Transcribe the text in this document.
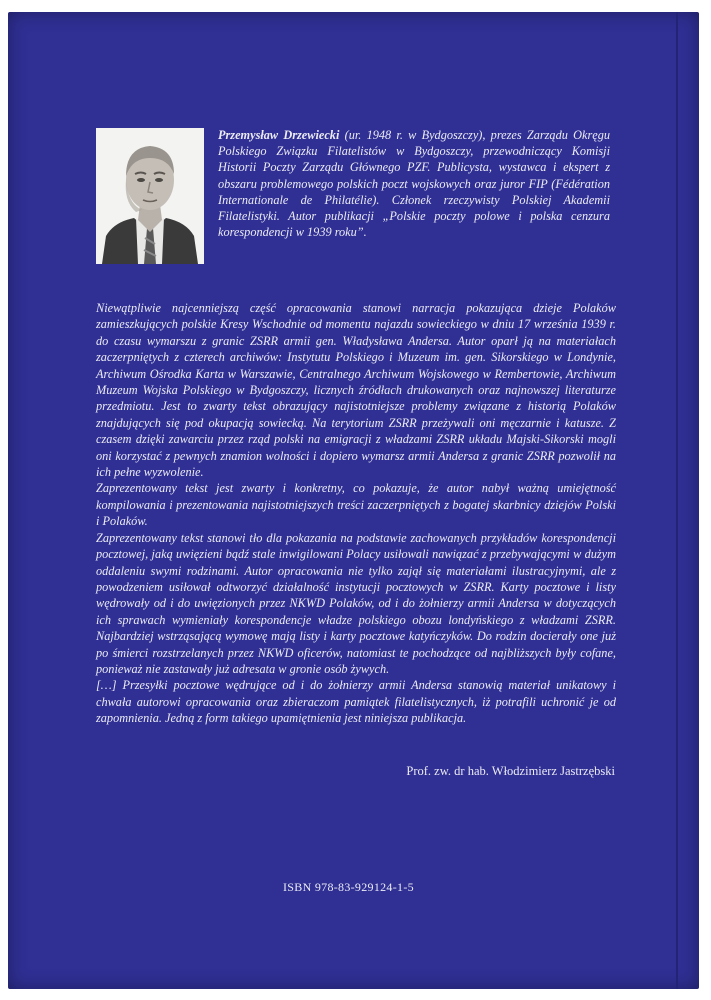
Przemysław Drzewiecki (ur. 1948 r. w Bydgoszczy), prezes Zarządu Okręgu Polskiego Związku Filatelistów w Bydgoszczy, przewodniczący Komisji Historii Poczty Zarządu Głównego PZF. Publicysta, wystawca i ekspert z obszaru problemowego polskich poczt wojskowych oraz juror FIP (Fédération Internationale de Philatélie). Członek rzeczywisty Polskiej Akademii Filatelistyki. Autor publikacji „Polskie poczty polowe i polska cenzura korespondencji w 1939 roku”.

Niewątpliwie najcenniejszą część opracowania stanowi narracja pokazująca dzieje Polaków zamieszkujących polskie Kresy Wschodnie od momentu najazdu sowieckiego w dniu 17 września 1939 r. do czasu wymarszu z granic ZSRR armii gen. Władysława Andersa. Autor oparł ją na materiałach zaczerpniętych z czterech archiwów: Instytutu Polskiego i Muzeum im. gen. Sikorskiego w Londynie, Archiwum Ośrodka Karta w Warszawie, Centralnego Archiwum Wojskowego w Rembertowie, Archiwum Muzeum Wojska Polskiego w Bydgoszczy, licznych źródłach drukowanych oraz najnowszej literaturze przedmiotu. Jest to zwarty tekst obrazujący najistotniejsze problemy związane z historią Polaków znajdujących się pod okupacją sowiecką. Na terytorium ZSRR przeżywali oni męczarnie i katusze. Z czasem dzięki zawarciu przez rząd polski na emigracji z władzami ZSRR układu Majski-Sikorski mogli oni korzystać z pewnych znamion wolności i dopiero wymarsz armii Andersa z granic ZSRR pozwolił na ich pełne wyzwolenie.

Zaprezentowany tekst jest zwarty i konkretny, co pokazuje, że autor nabył ważną umiejętność kompilowania i prezentowania najistotniejszych treści zaczerpniętych z bogatej skarbnicy dziejów Polski i Polaków.

Zaprezentowany tekst stanowi tło dla pokazania na podstawie zachowanych przykładów korespondencji pocztowej, jaką uwięzieni bądź stale inwigilowani Polacy usiłowali nawiązać z przebywającymi w dużym oddaleniu swymi rodzinami. Autor opracowania nie tylko zajął się materiałami ilustracyjnymi, ale z powodzeniem usiłował odtworzyć działalność instytucji pocztowych w ZSRR. Karty pocztowe i listy wędrowały od i do uwięzionych przez NKWD Polaków, od i do żołnierzy armii Andersa w dotyczących ich sprawach wymieniały korespondencje władze polskiego obozu londyńskiego z władzami ZSRR. Najbardziej wstrząsającą wymowę mają listy i karty pocztowe katyńczyków. Do rodzin docierały one już po śmierci rozstrzelanych przez NKWD oficerów, natomiast te pochodzące od najbliższych były cofane, ponieważ nie zastawały już adresata w gronie osób żywych.

[…] Przesyłki pocztowe wędrujące od i do żołnierzy armii Andersa stanowią materiał unikatowy i chwała autorowi opracowania oraz zbieraczom pamiątek filatelistycznych, iż potrafili uchronić je od zapomnienia. Jedną z form takiego upamiętnienia jest niniejsza publikacja.

Prof. zw. dr hab. Włodzimierz Jastrzębski

ISBN 978-83-929124-1-5
